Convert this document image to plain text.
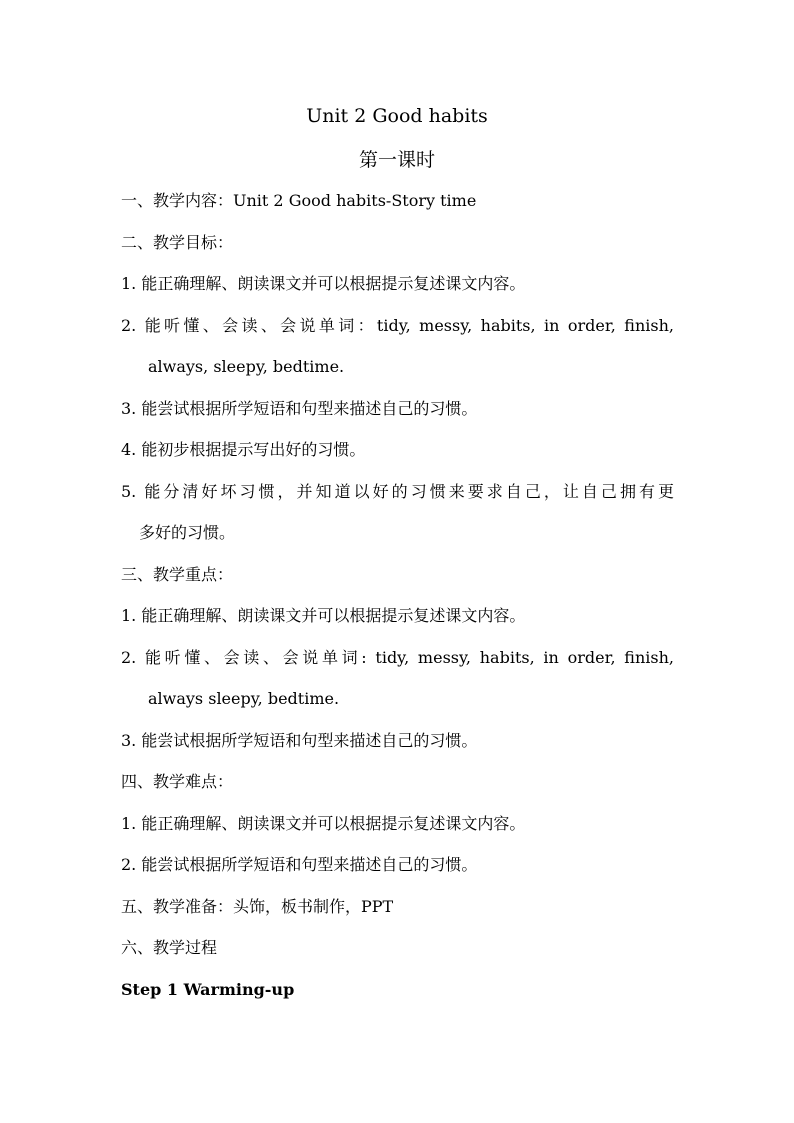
Unit 2 Good habits
第一课时
一、教学内容：Unit 2 Good habits-Story time
二、教学目标：
1. 能正确理解、朗读课文并可以根据提示复述课文内容。
2. 能听懂、会读、会说单词：tidy, messy, habits, in order, finish,
always, sleepy, bedtime.
3. 能尝试根据所学短语和句型来描述自己的习惯。
4. 能初步根据提示写出好的习惯。
5. 能分清好坏习惯，并知道以好的习惯来要求自己，让自己拥有更
多好的习惯。
三、教学重点：
1. 能正确理解、朗读课文并可以根据提示复述课文内容。
2. 能听懂、会读、会说单词: tidy, messy, habits, in order, finish,
always sleepy, bedtime.
3. 能尝试根据所学短语和句型来描述自己的习惯。
四、教学难点：
1. 能正确理解、朗读课文并可以根据提示复述课文内容。
2. 能尝试根据所学短语和句型来描述自己的习惯。
五、教学准备：头饰，板书制作，PPT
六、教学过程
Step 1 Warming-up
